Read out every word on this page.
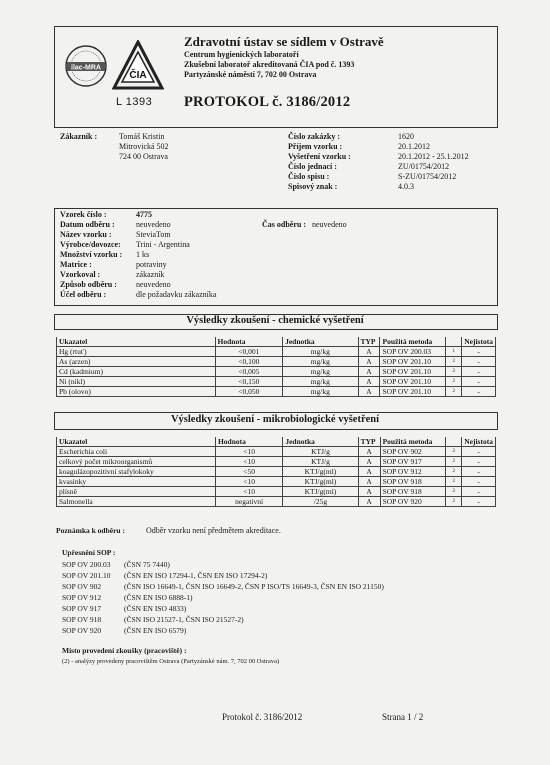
ilac-MRA
ČIA
L 1393
Zdravotní ústav se sídlem v Ostravě
Centrum hygienických laboratoří
Zkušební laboratoř akreditovaná ČIA pod č. 1393
Partyzánské náměstí 7, 702 00 Ostrava
PROTOKOL č. 3186/2012
Zákazník :	Tomáš Kristin
Mitrovická 502
724 00 Ostrava
Číslo zakázky :	1620
Příjem vzorku :	20.1.2012
Vyšetření vzorku :	20.1.2012 - 25.1.2012
Číslo jednací :	ZU/01754/2012
Číslo spisu :	S-ZU/01754/2012
Spisový znak :	4.0.3
Vzorek číslo :	4775
Datum odběru :	neuvedeno
Název vzorku :	SteviaTom
Výrobce/dovozce: Trini - Argentina
Množství vzorku : 1 ks
Matrice :	potraviny
Vzorkoval :	zákazník
Způsob odběru : neuvedeno
Účel odběru :	dle požadavku zákazníka
Čas odběru : neuvedeno
Výsledky zkoušení - chemické vyšetření
Ukazatel	Hodnota	Jednotka	TYP	Použitá metoda		Nejistota
Hg (rtuť)	<0,001	mg/kg	A	SOP OV 200.03	1	-
As (arzen)	<0,100	mg/kg	A	SOP OV 201.10	2	-
Cd (kadmium)	<0,005	mg/kg	A	SOP OV 201.10	2	-
Ni (nikl)	<0,150	mg/kg	A	SOP OV 201.10	2	-
Pb (olovo)	<0,050	mg/kg	A	SOP OV 201.10	2	-
Výsledky zkoušení - mikrobiologické vyšetření
Ukazatel	Hodnota	Jednotka	TYP	Použitá metoda		Nejistota
Escherichia coli	<10	KTJ/g	A	SOP OV 902	2	-
celkový počet mikroorganismů	<10	KTJ/g	A	SOP OV 917	2	-
koagulázopozitivní stafylokoky	<50	KTJ/g(ml)	A	SOP OV 912	2	-
kvasinky	<10	KTJ/g(ml)	A	SOP OV 918	2	-
plísně	<10	KTJ/g(ml)	A	SOP OV 918	2	-
Salmonella	negativní	/25g	A	SOP OV 920	2	-
Poznámka k odběru :	Odběr vzorku není předmětem akreditace.
Upřesnění SOP :
SOP OV 200.03 (ČSN 75 7440)
SOP OV 201.10 (ČSN EN ISO 17294-1, ČSN EN ISO 17294-2)
SOP OV 902	(ČSN ISO 16649-1, ČSN ISO 16649-2, ČSN P ISO/TS 16649-3, ČSN EN ISO 21150)
SOP OV 912	(ČSN EN ISO 6888-1)
SOP OV 917	(ČSN EN ISO 4833)
SOP OV 918	(ČSN ISO 21527-1, ČSN ISO 21527-2)
SOP OV 920	(ČSN EN ISO 6579)
Místo provedení zkoušky (pracoviště) :
(2) - analýzy provedeny pracovištěm Ostrava (Partyzánské nám. 7, 702 00 Ostrava)
Protokol č. 3186/2012	Strana 1 / 2
